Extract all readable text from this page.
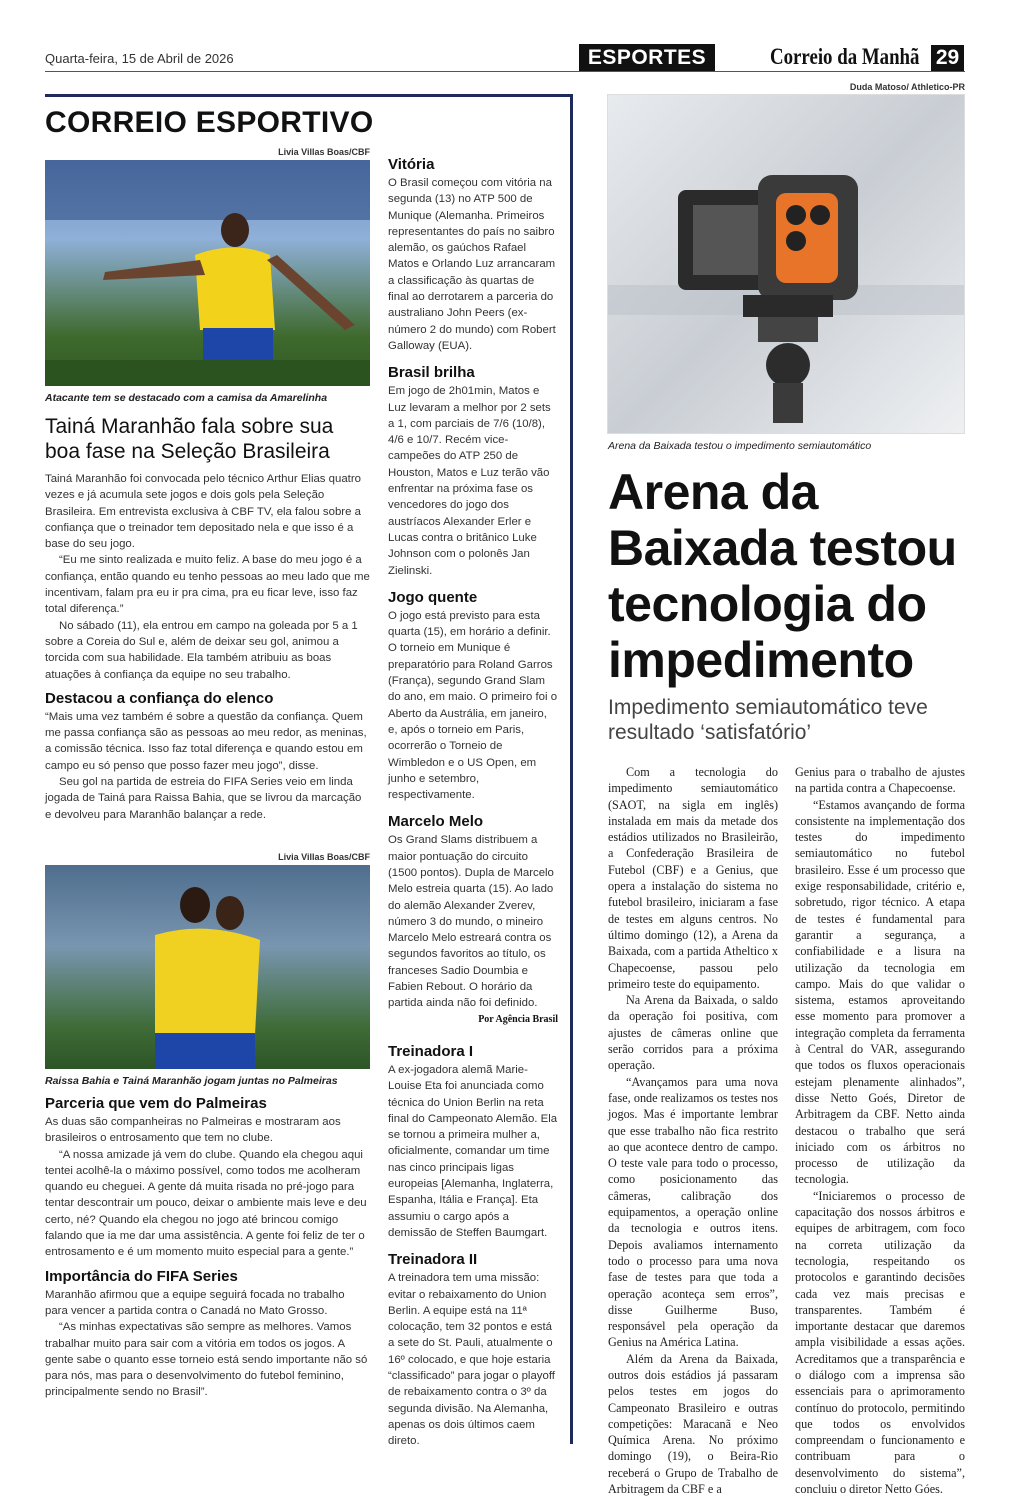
Quarta-feira, 15 de Abril de 2026	ESPORTES	Correio da Manhã 29
CORREIO ESPORTIVO
Livia Villas Boas/CBF
Atacante tem se destacado com a camisa da Amarelinha
Tainá Maranhão fala sobre sua boa fase na Seleção Brasileira

Tainá Maranhão foi convocada pelo técnico Arthur Elias quatro vezes e já acumula sete jogos e dois gols pela Seleção Brasileira. Em entrevista exclusiva à CBF TV, ela falou sobre a confiança que o treinador tem depositado nela e que isso é a base do seu jogo.

“Eu me sinto realizada e muito feliz. A base do meu jogo é a confiança, então quando eu tenho pessoas ao meu lado que me incentivam, falam pra eu ir pra cima, pra eu ficar leve, isso faz total diferença.”

No sábado (11), ela entrou em campo na goleada por 5 a 1 sobre a Coreia do Sul e, além de deixar seu gol, animou a torcida com sua habilidade. Ela também atribuiu as boas atuações à confiança da equipe no seu trabalho.

Destacou a confiança do elenco

“Mais uma vez também é sobre a questão da confiança. Quem me passa confiança são as pessoas ao meu redor, as meninas, a comissão técnica. Isso faz total diferença e quando estou em campo eu só penso que posso fazer meu jogo”, disse.

Seu gol na partida de estreia do FIFA Series veio em linda jogada de Tainá para Raissa Bahia, que se livrou da marcação e devolveu para Maranhão balançar a rede.

Livia Villas Boas/CBF
Raissa Bahia e Tainá Maranhão jogam juntas no Palmeiras
Parceria que vem do Palmeiras

As duas são companheiras no Palmeiras e mostraram aos brasileiros o entrosamento que tem no clube.

“A nossa amizade já vem do clube. Quando ela chegou aqui tentei acolhê-la o máximo possível, como todos me acolheram quando eu cheguei. A gente dá muita risada no pré-jogo para tentar descontrair um pouco, deixar o ambiente mais leve e deu certo, né? Quando ela chegou no jogo até brincou comigo falando que ia me dar uma assistência. A gente foi feliz de ter o entrosamento e é um momento muito especial para a gente.”

Importância do FIFA Series

Maranhão afirmou que a equipe seguirá focada no trabalho para vencer a partida contra o Canadá no Mato Grosso.

“As minhas expectativas são sempre as melhores. Vamos trabalhar muito para sair com a vitória em todos os jogos. A gente sabe o quanto esse torneio está sendo importante não só para nós, mas para o desenvolvimento do futebol feminino, principalmente sendo no Brasil”.

Vitória

O Brasil começou com vitória na segunda (13) no ATP 500 de Munique (Alemanha. Primeiros representantes do país no saibro alemão, os gaúchos Rafael Matos e Orlando Luz arrancaram a classificação às quartas de final ao derrotarem a parceria do australiano John Peers (ex-número 2 do mundo) com Robert Galloway (EUA).

Brasil brilha

Em jogo de 2h01min, Matos e Luz levaram a melhor por 2 sets a 1, com parciais de 7/6 (10/8), 4/6 e 10/7. Recém vice-campeões do ATP 250 de Houston, Matos e Luz terão vão enfrentar na próxima fase os vencedores do jogo dos austríacos Alexander Erler e Lucas contra o britânico Luke Johnson com o polonês Jan Zielinski.

Jogo quente

O jogo está previsto para esta quarta (15), em horário a definir. O torneio em Munique é preparatório para Roland Garros (França), segundo Grand Slam do ano, em maio. O primeiro foi o Aberto da Austrália, em janeiro, e, após o torneio em Paris, ocorrerão o Torneio de Wimbledon e o US Open, em junho e setembro, respectivamente.

Marcelo Melo

Os Grand Slams distribuem a maior pontuação do circuito (1500 pontos). Dupla de Marcelo Melo estreia quarta (15). Ao lado do alemão Alexander Zverev, número 3 do mundo, o mineiro Marcelo Melo estreará contra os segundos favoritos ao título, os franceses Sadio Doumbia e Fabien Rebout. O horário da partida ainda não foi definido.

Por Agência Brasil
Treinadora I

A ex-jogadora alemã Marie-Louise Eta foi anunciada como técnica do Union Berlin na reta final do Campeonato Alemão. Ela se tornou a primeira mulher a, oficialmente, comandar um time nas cinco principais ligas europeias [Alemanha, Inglaterra, Espanha, Itália e França]. Eta assumiu o cargo após a demissão de Steffen Baumgart.

Treinadora II

A treinadora tem uma missão: evitar o rebaixamento do Union Berlin. A equipe está na 11ª colocação, tem 32 pontos e está a sete do St. Pauli, atualmente o 16º colocado, e que hoje estaria “classificado” para jogar o playoff de rebaixamento contra o 3º da segunda divisão. Na Alemanha, apenas os dois últimos caem direto.

Duda Matoso/ Athletico-PR
Arena da Baixada testou o impedimento semiautomático
Arena da Baixada testou tecnologia do impedimento
Impedimento semiautomático teve resultado ‘satisfatório’

Com a tecnologia do impedimento semiautomático (SAOT, na sigla em inglês) instalada em mais da metade dos estádios utilizados no Brasileirão, a Confederação Brasileira de Futebol (CBF) e a Genius, que opera a instalação do sistema no futebol brasileiro, iniciaram a fase de testes em alguns centros. No último domingo (12), a Arena da Baixada, com a partida Atheltico x Chapecoense, passou pelo primeiro teste do equipamento.

Na Arena da Baixada, o saldo da operação foi positiva, com ajustes de câmeras online que serão corridos para a próxima operação.

“Avançamos para uma nova fase, onde realizamos os testes nos jogos. Mas é importante lembrar que esse trabalho não fica restrito ao que acontece dentro de campo. O teste vale para todo o processo, como posicionamento das câmeras, calibração dos equipamentos, a operação online da tecnologia e outros itens. Depois avaliamos internamento todo o processo para uma nova fase de testes para que toda a operação aconteça sem erros”, disse Guilherme Buso, responsável pela operação da Genius na América Latina.

Além da Arena da Baixada, outros dois estádios já passaram pelos testes em jogos do Campeonato Brasileiro e outras competições: Maracanã e Neo Química Arena. No próximo domingo (19), o Beira-Rio receberá o Grupo de Trabalho de Arbitragem da CBF e a

Genius para o trabalho de ajustes na partida contra a Chapecoense.

“Estamos avançando de forma consistente na implementação dos testes do impedimento semiautomático no futebol brasileiro. Esse é um processo que exige responsabilidade, critério e, sobretudo, rigor técnico. A etapa de testes é fundamental para garantir a segurança, a confiabilidade e a lisura na utilização da tecnologia em campo. Mais do que validar o sistema, estamos aproveitando esse momento para promover a integração completa da ferramenta à Central do VAR, assegurando que todos os fluxos operacionais estejam plenamente alinhados”, disse Netto Goés, Diretor de Arbitragem da CBF. Netto ainda destacou o trabalho que será iniciado com os árbitros no processo de utilização da tecnologia.

“Iniciaremos o processo de capacitação dos nossos árbitros e equipes de arbitragem, com foco na correta utilização da tecnologia, respeitando os protocolos e garantindo decisões cada vez mais precisas e transparentes. Também é importante destacar que daremos ampla visibilidade a essas ações. Acreditamos que a transparência e o diálogo com a imprensa são essenciais para o aprimoramento contínuo do protocolo, permitindo que todos os envolvidos compreendam o funcionamento e contribuam para o desenvolvimento do sistema”, concluiu o diretor Netto Góes.
